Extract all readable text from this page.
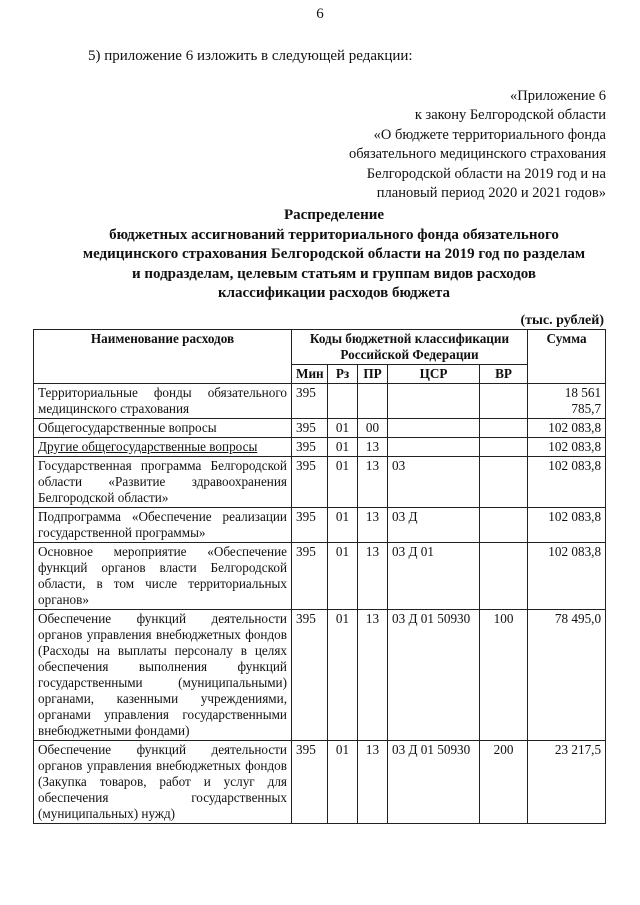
6
5) приложение 6 изложить в следующей редакции:
«Приложение 6
к закону Белгородской области
«О бюджете территориального фонда
обязательного медицинского страхования
Белгородской области на 2019 год и на
плановый период 2020 и 2021 годов»
Распределение
бюджетных ассигнований территориального фонда обязательного
медицинского страхования Белгородской области на 2019 год по разделам
и подразделам, целевым статьям и группам видов расходов
классификации расходов бюджета
(тыс. рублей)
Наименование расходов	Коды бюджетной классификации Российской Федерации					Сумма
	Мин	Рз	ПР	ЦСР	ВР	
Территориальные фонды обязательного медицинского страхования	395					18 561 785,7
Общегосударственные вопросы	395	01	00			102 083,8
Другие общегосударственные вопросы	395	01	13			102 083,8
Государственная программа Белгородской области «Развитие здравоохранения Белгородской области»	395	01	13	03		102 083,8
Подпрограмма «Обеспечение реализации государственной программы»	395	01	13	03 Д		102 083,8
Основное мероприятие «Обеспечение функций органов власти Белгородской области, в том числе территориальных органов»	395	01	13	03 Д 01		102 083,8
Обеспечение функций деятельности органов управления внебюджетных фондов (Расходы на выплаты персоналу в целях обеспечения выполнения функций государственными (муниципальными) органами, казенными учреждениями, органами управления государственными внебюджетными фондами)	395	01	13	03 Д 01 50930	100	78 495,0
Обеспечение функций деятельности органов управления внебюджетных фондов (Закупка товаров, работ и услуг для обеспечения государственных (муниципальных) нужд)	395	01	13	03 Д 01 50930	200	23 217,5
